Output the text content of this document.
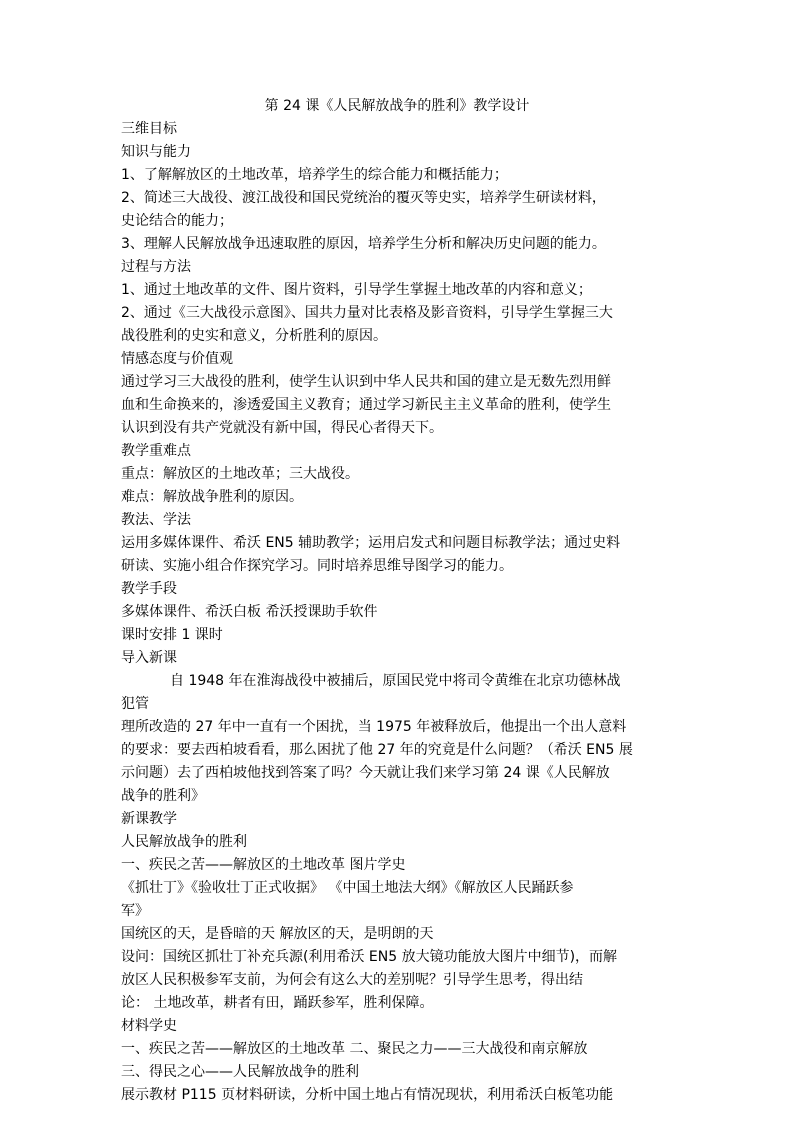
第 24 课《人民解放战争的胜利》教学设计
三维目标
知识与能力
1、了解解放区的土地改革，培养学生的综合能力和概括能力；
2、简述三大战役、渡江战役和国民党统治的覆灭等史实，培养学生研读材料，
史论结合的能力；
3、理解人民解放战争迅速取胜的原因，培养学生分析和解决历史问题的能力。
过程与方法
1、通过土地改革的文件、图片资料，引导学生掌握土地改革的内容和意义；
2、通过《三大战役示意图》、国共力量对比表格及影音资料，引导学生掌握三大
战役胜利的史实和意义，分析胜利的原因。
情感态度与价值观
通过学习三大战役的胜利，使学生认识到中华人民共和国的建立是无数先烈用鲜
血和生命换来的，渗透爱国主义教育；通过学习新民主主义革命的胜利，使学生
认识到没有共产党就没有新中国，得民心者得天下。
教学重难点
重点：解放区的土地改革；三大战役。
难点：解放战争胜利的原因。
教法、学法
运用多媒体课件、希沃 EN5 辅助教学；运用启发式和问题目标教学法；通过史料
研读、实施小组合作探究学习。同时培养思维导图学习的能力。
教学手段
多媒体课件、希沃白板 希沃授课助手软件
课时安排 1 课时
导入新课
自 1948 年在淮海战役中被捕后，原国民党中将司令黄维在北京功德林战
犯管
理所改造的 27 年中一直有一个困扰，当 1975 年被释放后，他提出一个出人意料
的要求：要去西柏坡看看，那么困扰了他 27 年的究竟是什么问题？（希沃 EN5 展
示问题）去了西柏坡他找到答案了吗？今天就让我们来学习第 24 课《人民解放
战争的胜利》
新课教学
人民解放战争的胜利
一、疾民之苦——解放区的土地改革 图片学史
《抓壮丁》《验收壮丁正式收据》 《中国土地法大纲》《解放区人民踊跃参
军》
国统区的天，是昏暗的天 解放区的天，是明朗的天
设问：国统区抓壮丁补充兵源(利用希沃 EN5 放大镜功能放大图片中细节)，而解
放区人民积极参军支前，为何会有这么大的差别呢？引导学生思考，得出结
论： 土地改革，耕者有田，踊跃参军，胜利保障。
材料学史
一、疾民之苦——解放区的土地改革 二、聚民之力——三大战役和南京解放
三、得民之心——人民解放战争的胜利
展示教材 P115 页材料研读，分析中国土地占有情况现状，利用希沃白板笔功能
